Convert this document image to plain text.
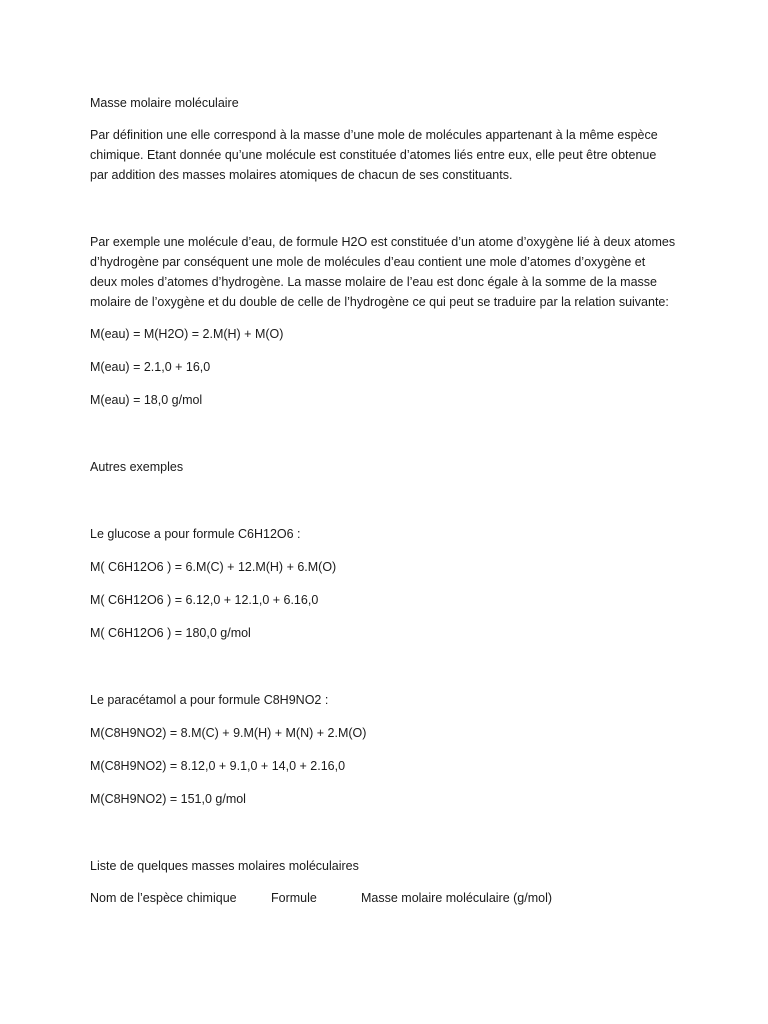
Masse molaire moléculaire

Par définition une elle correspond à la masse d’une mole de molécules appartenant à la même espèce

chimique. Etant donnée qu’une molécule est constituée d’atomes liés entre eux, elle peut être obtenue

par addition des masses molaires atomiques de chacun de ses constituants.

Par exemple une molécule d’eau, de formule H2O est constituée d’un atome d’oxygène lié à deux atomes

d’hydrogène par conséquent une mole de molécules d’eau contient une mole d’atomes d’oxygène et

deux moles d’atomes d’hydrogène. La masse molaire de l’eau est donc égale à la somme de la masse

molaire de l’oxygène et du double de celle de l’hydrogène ce qui peut se traduire par la relation suivante:

M(eau) = M(H2O) = 2.M(H) + M(O)

M(eau) = 2.1,0 + 16,0

M(eau) = 18,0 g/mol

Autres exemples

Le glucose a pour formule C6H12O6 :

M( C6H12O6 ) = 6.M(C) + 12.M(H) + 6.M(O)

M( C6H12O6 ) = 6.12,0 + 12.1,0 + 6.16,0

M( C6H12O6 ) = 180,0 g/mol

Le paracétamol a pour formule C8H9NO2 :

M(C8H9NO2) = 8.M(C) + 9.M(H) + M(N) + 2.M(O)

M(C8H9NO2) = 8.12,0 + 9.1,0 + 14,0 + 2.16,0

M(C8H9NO2) = 151,0 g/mol

Liste de quelques masses molaires moléculaires

Nom de l’espèce chimique	Formule	Masse molaire moléculaire (g/mol)
